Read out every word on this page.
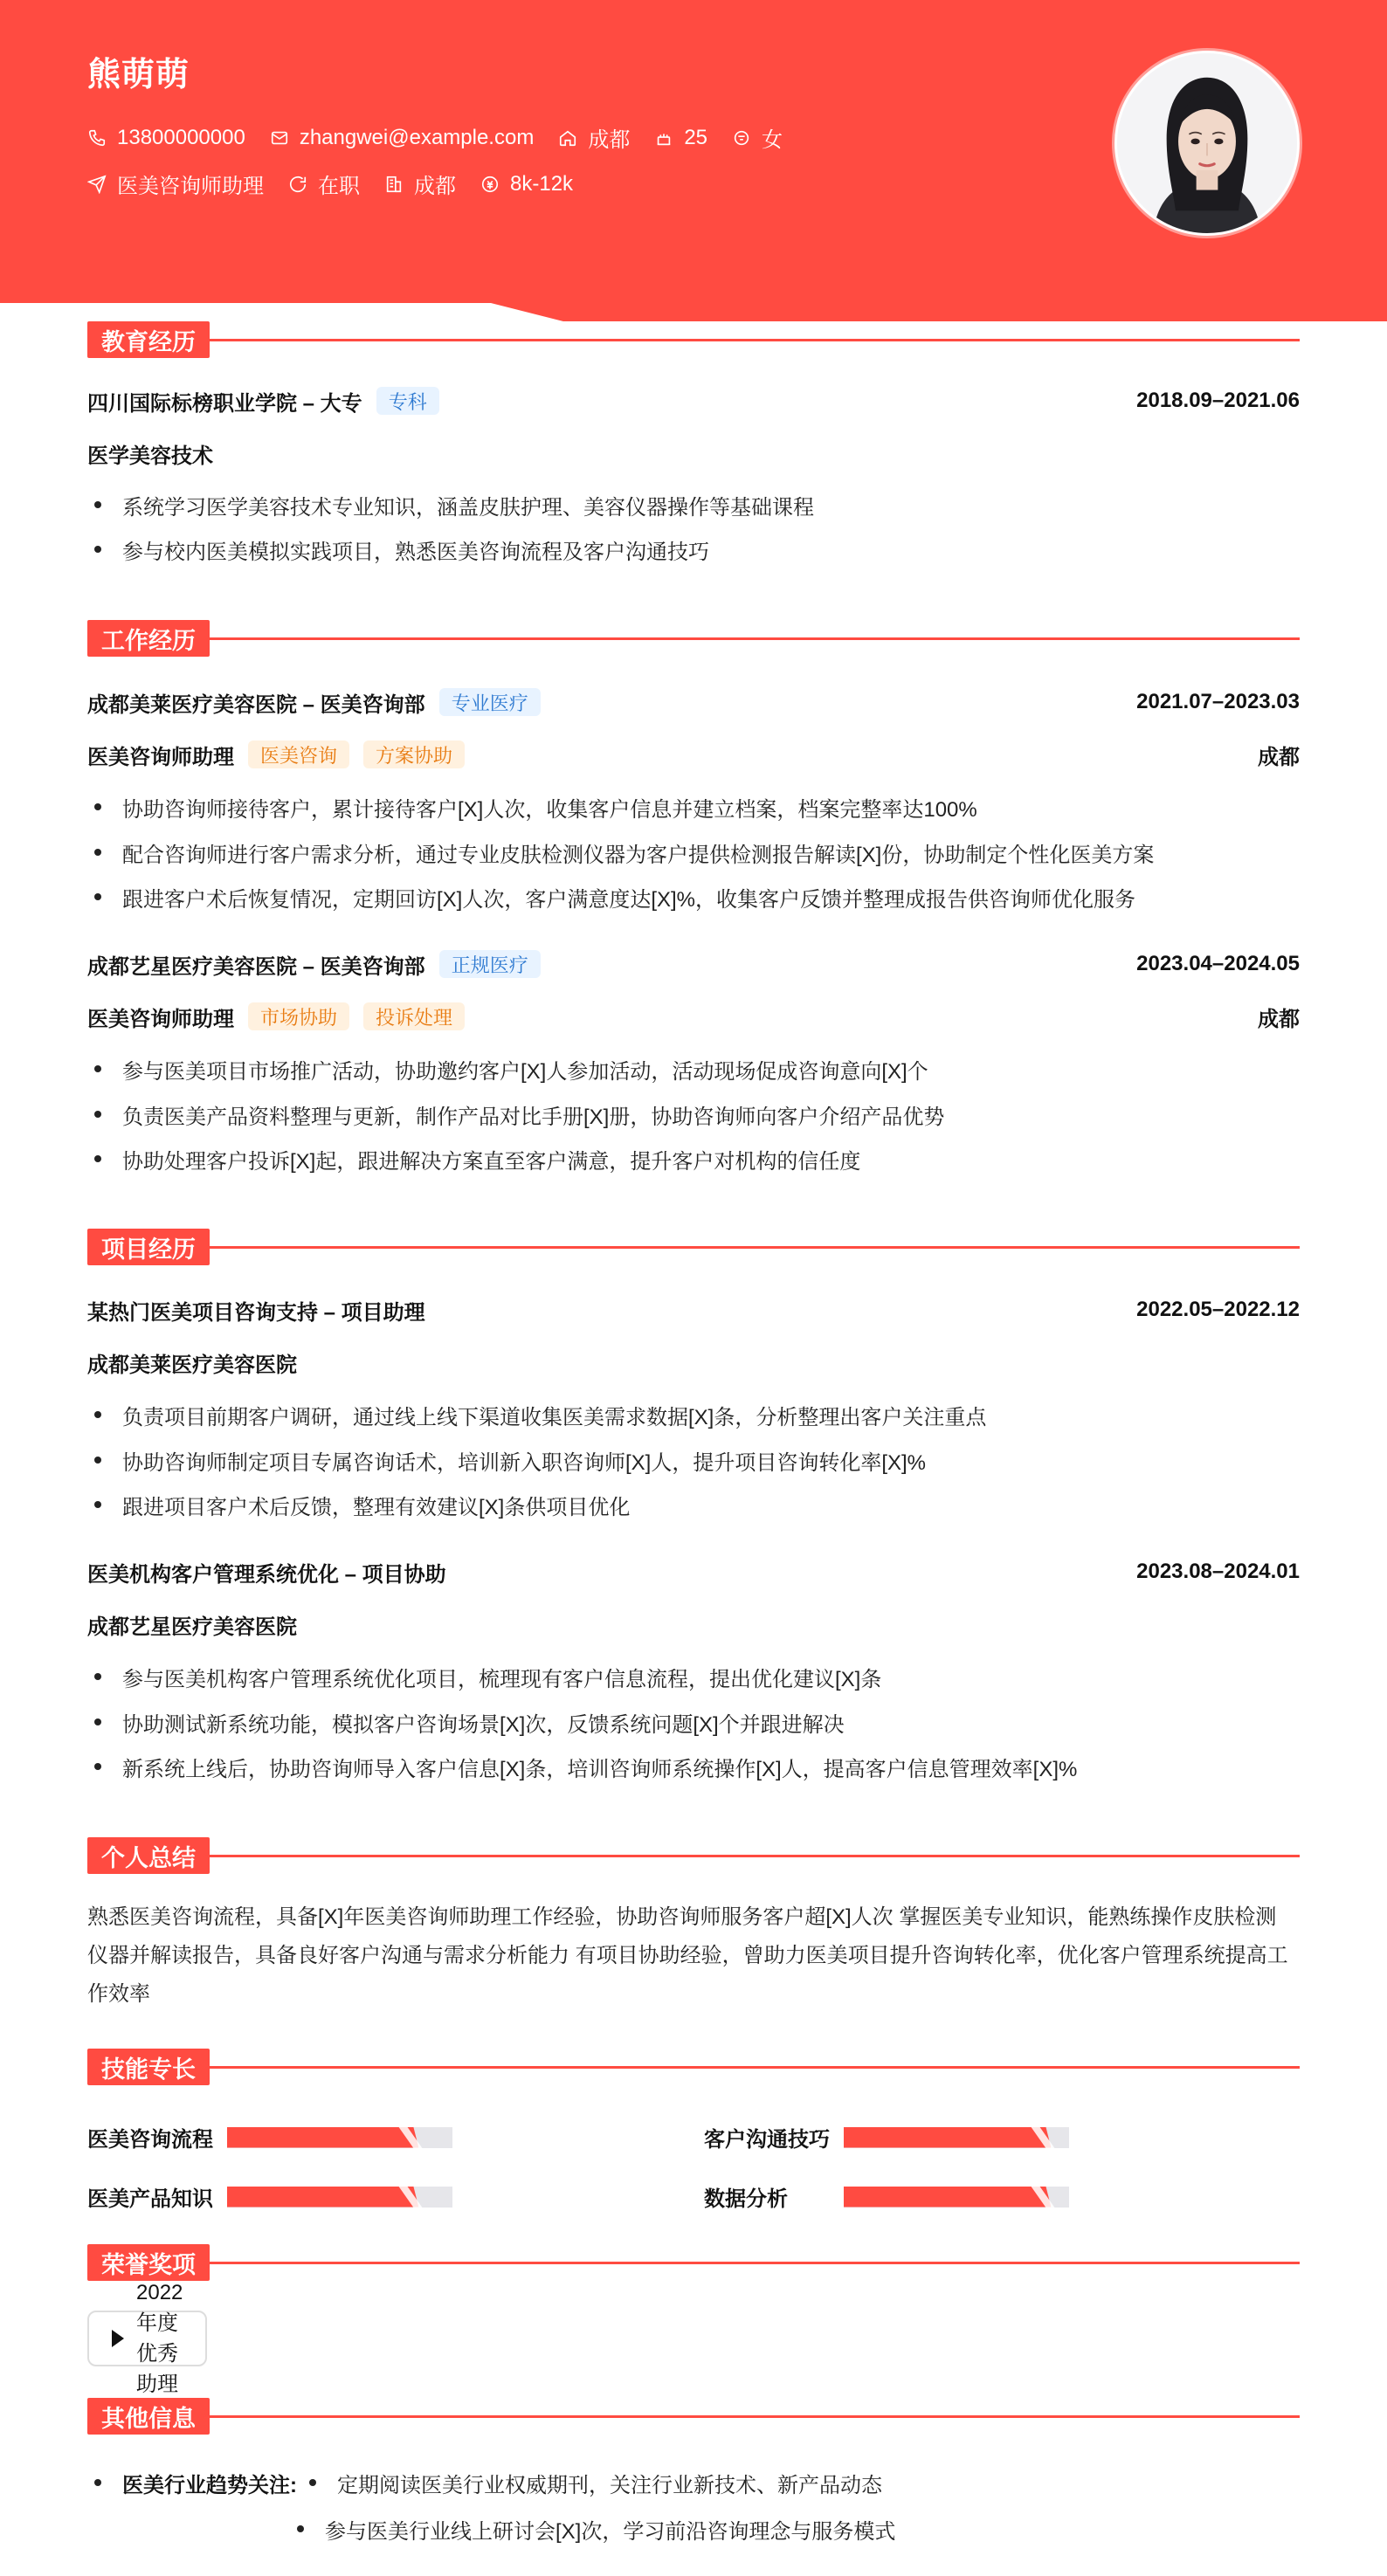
熊萌萌
13800000000	zhangwei@example.com	成都	25	女
医美咨询师助理	在职	成都	8k-12k
教育经历
四川国际标榜职业学院 – 大专	专科	2018.09–2021.06
医学美容技术
系统学习医学美容技术专业知识，涵盖皮肤护理、美容仪器操作等基础课程
参与校内医美模拟实践项目，熟悉医美咨询流程及客户沟通技巧
工作经历
成都美莱医疗美容医院 – 医美咨询部	专业医疗	2021.07–2023.03
医美咨询师助理	医美咨询	方案协助	成都
协助咨询师接待客户，累计接待客户[X]人次，收集客户信息并建立档案，档案完整率达100%
配合咨询师进行客户需求分析，通过专业皮肤检测仪器为客户提供检测报告解读[X]份，协助制定个性化医美方案
跟进客户术后恢复情况，定期回访[X]人次，客户满意度达[X]%，收集客户反馈并整理成报告供咨询师优化服务
成都艺星医疗美容医院 – 医美咨询部	正规医疗	2023.04–2024.05
医美咨询师助理	市场协助	投诉处理	成都
参与医美项目市场推广活动，协助邀约客户[X]人参加活动，活动现场促成咨询意向[X]个
负责医美产品资料整理与更新，制作产品对比手册[X]册，协助咨询师向客户介绍产品优势
协助处理客户投诉[X]起，跟进解决方案直至客户满意，提升客户对机构的信任度
项目经历
某热门医美项目咨询支持 – 项目助理	2022.05–2022.12
成都美莱医疗美容医院
负责项目前期客户调研，通过线上线下渠道收集医美需求数据[X]条，分析整理出客户关注重点
协助咨询师制定项目专属咨询话术，培训新入职咨询师[X]人，提升项目咨询转化率[X]%
跟进项目客户术后反馈，整理有效建议[X]条供项目优化
医美机构客户管理系统优化 – 项目协助	2023.08–2024.01
成都艺星医疗美容医院
参与医美机构客户管理系统优化项目，梳理现有客户信息流程，提出优化建议[X]条
协助测试新系统功能，模拟客户咨询场景[X]次，反馈系统问题[X]个并跟进解决
新系统上线后，协助咨询师导入客户信息[X]条，培训咨询师系统操作[X]人，提高客户信息管理效率[X]%
个人总结
熟悉医美咨询流程，具备[X]年医美咨询师助理工作经验，协助咨询师服务客户超[X]人次 掌握医美专业知识，能熟练操作皮肤检测
仪器并解读报告，具备良好客户沟通与需求分析能力 有项目协助经验，曾助力医美项目提升咨询转化率，优化客户管理系统提高工
作效率
技能专长
医美咨询流程	客户沟通技巧
医美产品知识	数据分析
荣誉奖项
2022年度优秀助理
其他信息
医美行业趋势关注: 定期阅读医美行业权威期刊，关注行业新技术、新产品动态
参与医美行业线上研讨会[X]次，学习前沿咨询理念与服务模式
